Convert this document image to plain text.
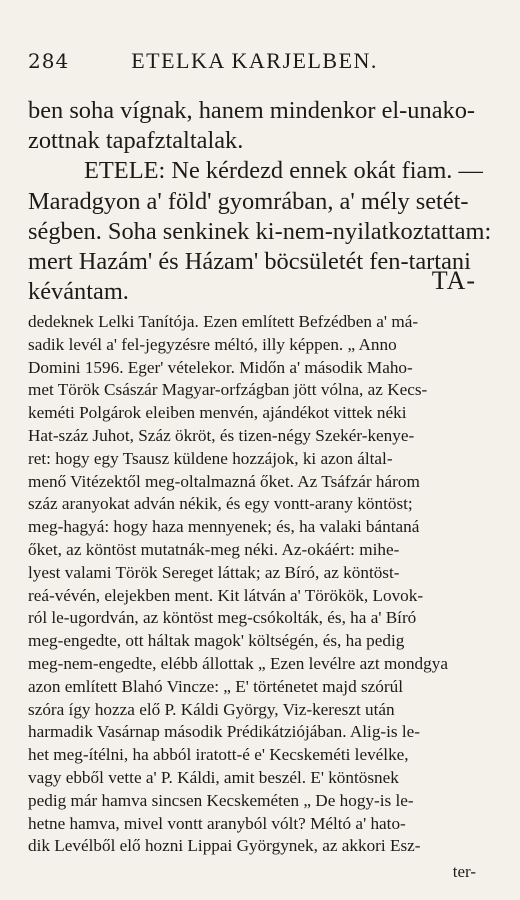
284	ETELKA KARJELBEN.
ben soha vígnak, hanem mindenkor el-unako-
zottnak tapafztaltalak.
ETELE: Ne kérdezd ennek okát fiam. —
Maradgyon a' föld' gyomrában, a' mély setét-
ségben. Soha senkinek ki-nem-nyilatkoztattam:
mert Hazám' és Házam' böcsületét fen-tartani
kévántam.	TA-
dedeknek Lelki Tanítója. Ezen említett Befzédben a' má-
sadik levél a' fel-jegyzésre méltó, illy képpen. „ Anno
Domini 1596. Eger' vételekor. Midőn a' második Maho-
met Török Császár Magyar-orfzágban jött vólna, az Kecs-
keméti Polgárok eleiben menvén, ajándékot vittek néki
Hat-száz Juhot, Száz ökröt, és tizen-négy Szekér-kenye-
ret: hogy egy Tsausz küldene hozzájok, ki azon által-
menő Vitézektől meg-oltalmazná őket. Az Tsáfzár három
száz aranyokat adván nékik, és egy vontt-arany köntöst;
meg-hagyá: hogy haza mennyenek; és, ha valaki bántaná
őket, az köntöst mutatnák-meg néki. Az-okáért: mihe-
lyest valami Török Sereget láttak; az Bíró, az köntöst-
reá-vévén, elejekben ment. Kit látván a' Törökök, Lovok-
ról le-ugordván, az köntöst meg-csókolták, és, ha a' Bíró
meg-engedte, ott háltak magok' költségén, és, ha pedig
meg-nem-engedte, elébb állottak „ Ezen levélre azt mondgya
azon említett Blahó Vincze: „ E' történetet majd szórúl
szóra így hozza elő P. Káldi György, Viz-kereszt után
harmadik Vasárnap második Prédikátziójában. Alig-is le-
het meg-ítélni, ha abból iratott-é e' Kecskeméti levélke,
vagy ebből vette a' P. Káldi, amit beszél. E' köntösnek
pedig már hamva sincsen Kecskeméten „ De hogy-is le-
hetne hamva, mivel vontt aranyból vólt? Méltó a' hato-
dik Levélből elő hozni Lippai Györgynek, az akkori Esz-
ter-
